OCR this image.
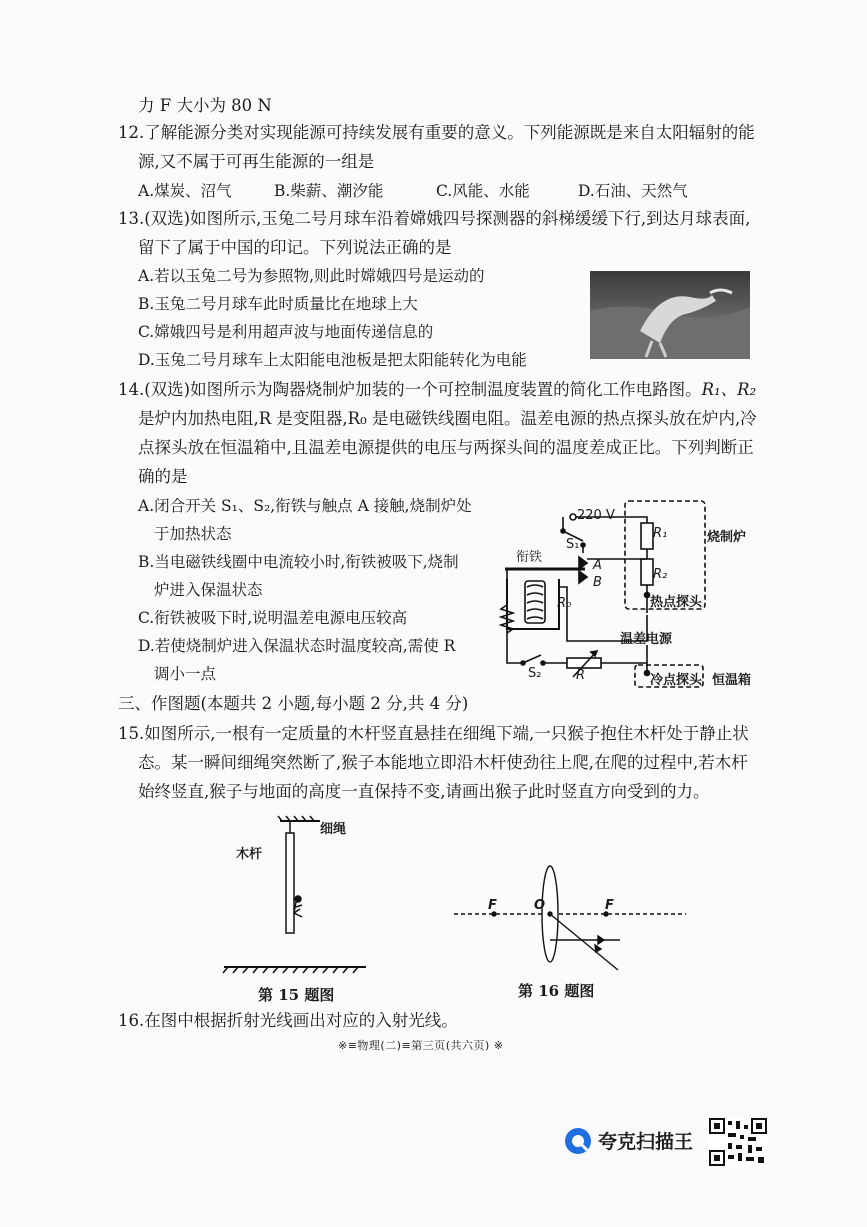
力 F 大小为 80 N
12.了解能源分类对实现能源可持续发展有重要的意义。下列能源既是来自太阳辐射的能
源,又不属于可再生能源的一组是
A.煤炭、沼气	B.柴薪、潮汐能	C.风能、水能	D.石油、天然气
13.(双选)如图所示,玉兔二号月球车沿着嫦娥四号探测器的斜梯缓缓下行,到达月球表面,
留下了属于中国的印记。下列说法正确的是
A.若以玉兔二号为参照物,则此时嫦娥四号是运动的
B.玉兔二号月球车此时质量比在地球上大
C.嫦娥四号是利用超声波与地面传递信息的
D.玉兔二号月球车上太阳能电池板是把太阳能转化为电能
14.(双选)如图所示为陶器烧制炉加装的一个可控制温度装置的简化工作电路图。R₁、R₂
是炉内加热电阻,R 是变阻器,R₀ 是电磁铁线圈电阻。温差电源的热点探头放在炉内,冷
点探头放在恒温箱中,且温差电源提供的电压与两探头间的温度差成正比。下列判断正
确的是
A.闭合开关 S₁、S₂,衔铁与触点 A 接触,烧制炉处
于加热状态
B.当电磁铁线圈中电流较小时,衔铁被吸下,烧制
炉进入保温状态
C.衔铁被吸下时,说明温差电源电压较高
D.若使烧制炉进入保温状态时温度较高,需使 R
调小一点
220 V
S₁
衔铁
A
B
R₀
R₁
R₂
烧制炉
热点探头
温差电源
冷点探头 恒温箱
S₂	R
三、作图题(本题共 2 小题,每小题 2 分,共 4 分)
15.如图所示,一根有一定质量的木杆竖直悬挂在细绳下端,一只猴子抱住木杆处于静止状
态。某一瞬间细绳突然断了,猴子本能地立即沿木杆使劲往上爬,在爬的过程中,若木杆
始终竖直,猴子与地面的高度一直保持不变,请画出猴子此时竖直方向受到的力。
细绳
木杆
第 15 题图
F	O	F
第 16 题图
16.在图中根据折射光线画出对应的入射光线。
※≡物理(二)≡第三页(共六页) ※
夸克扫描王
